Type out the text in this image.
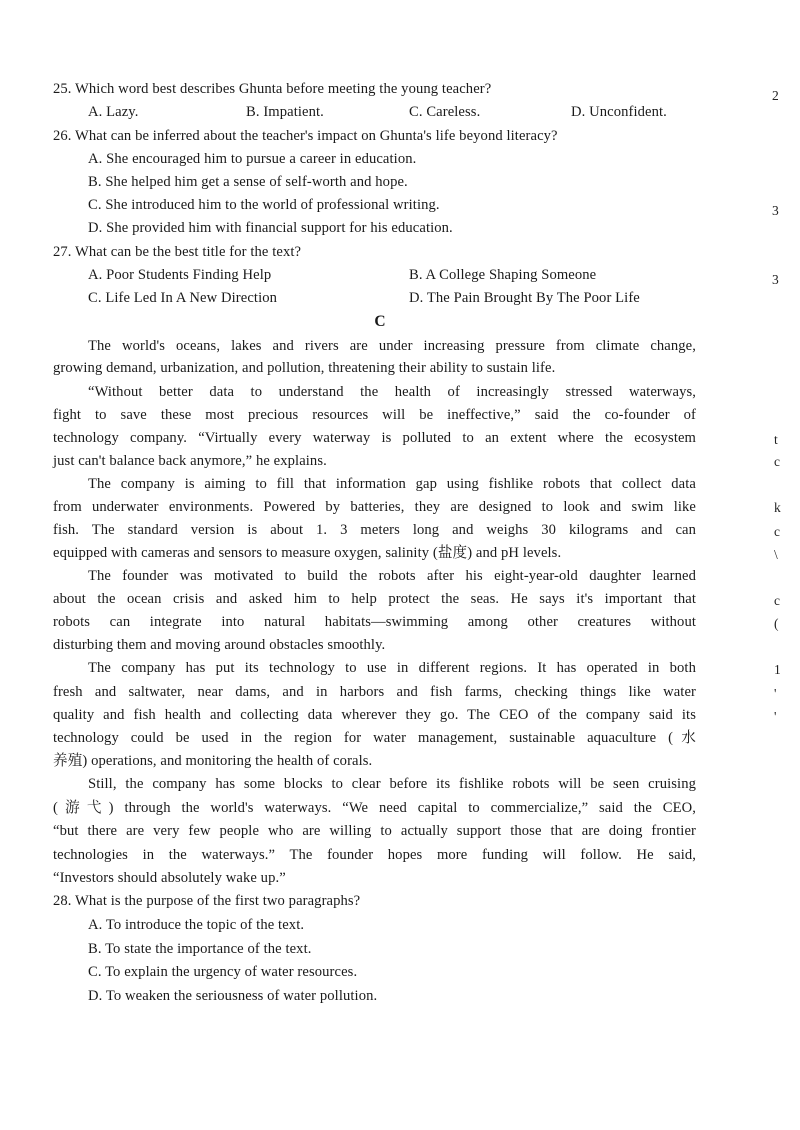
25. Which word best describes Ghunta before meeting the young teacher?
A. Lazy.	B. Impatient.	C. Careless.	D. Unconfident.
26. What can be inferred about the teacher's impact on Ghunta's life beyond literacy?
A. She encouraged him to pursue a career in education.
B. She helped him get a sense of self-worth and hope.
C. She introduced him to the world of professional writing.
D. She provided him with financial support for his education.
27. What can be the best title for the text?
A. Poor Students Finding Help	B. A College Shaping Someone
C. Life Led In A New Direction	D. The Pain Brought By The Poor Life
C
The world's oceans, lakes and rivers are under increasing pressure from climate change,
growing demand, urbanization, and pollution, threatening their ability to sustain life.
“Without better data to understand the health of increasingly stressed waterways,
fight to save these most precious resources will be ineffective,” said the co-founder of
technology company. “Virtually every waterway is polluted to an extent where the ecosystem
just can't balance back anymore,” he explains.
The company is aiming to fill that information gap using fishlike robots that collect data
from underwater environments. Powered by batteries, they are designed to look and swim like
fish. The standard version is about 1. 3 meters long and weighs 30 kilograms and can
equipped with cameras and sensors to measure oxygen, salinity (盐度) and pH levels.
The founder was motivated to build the robots after his eight-year-old daughter learned
about the ocean crisis and asked him to help protect the seas. He says it's important that
robots can integrate into natural habitats—swimming among other creatures without
disturbing them and moving around obstacles smoothly.
The company has put its technology to use in different regions. It has operated in both
fresh and saltwater, near dams, and in harbors and fish farms, checking things like water
quality and fish health and collecting data wherever they go. The CEO of the company said its
technology could be used in the region for water management, sustainable aquaculture (水
养殖) operations, and monitoring the health of corals.
Still, the company has some blocks to clear before its fishlike robots will be seen cruising
(游弋) through the world's waterways. “We need capital to commercialize,” said the CEO,
“but there are very few people who are willing to actually support those that are doing frontier
technologies in the waterways.” The founder hopes more funding will follow. He said,
“Investors should absolutely wake up.”
28. What is the purpose of the first two paragraphs?
A. To introduce the topic of the text.
B. To state the importance of the text.
C. To explain the urgency of water resources.
D. To weaken the seriousness of water pollution.
2
3
3
t
c
k
c
\
c
(
1
'
'
